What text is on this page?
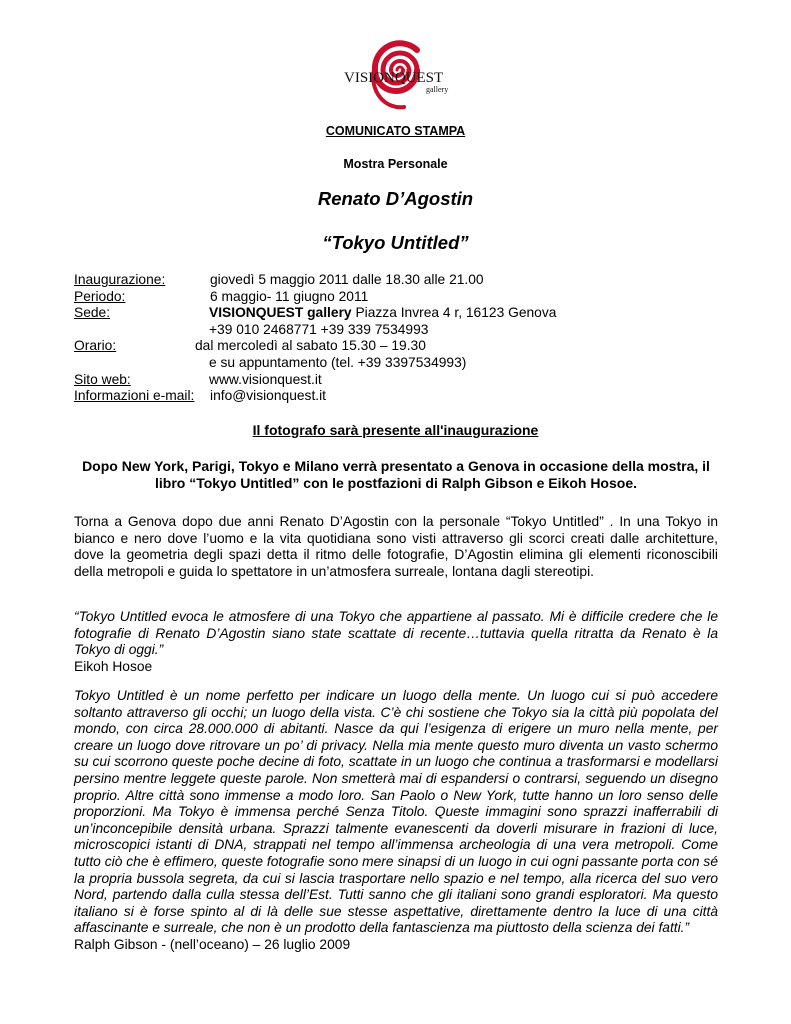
VISIONQUEST
gallery
COMUNICATO STAMPA
Mostra Personale
Renato D’Agostin
“Tokyo Untitled”
Inaugurazione:	giovedì 5 maggio 2011 dalle 18.30 alle 21.00
Periodo:	6 maggio- 11 giugno 2011
Sede:	VISIONQUEST gallery Piazza Invrea 4 r, 16123 Genova
+39 010 2468771 +39 339 7534993
Orario:	dal mercoledì al sabato 15.30 – 19.30
e su appuntamento (tel. +39 3397534993)
Sito web:	www.visionquest.it
Informazioni e-mail: info@visionquest.it
Il fotografo sarà presente all'inaugurazione
Dopo New York, Parigi, Tokyo e Milano verrà presentato a Genova in occasione della mostra, il libro “Tokyo Untitled” con le postfazioni di Ralph Gibson e Eikoh Hosoe.
Torna a Genova dopo due anni Renato D’Agostin con la personale “Tokyo Untitled” . In una Tokyo in bianco e nero dove l’uomo e la vita quotidiana sono visti attraverso gli scorci creati dalle architetture, dove la geometria degli spazi detta il ritmo delle fotografie, D’Agostin elimina gli elementi riconoscibili della metropoli e guida lo spettatore in un’atmosfera surreale, lontana dagli stereotipi.
“Tokyo Untitled evoca le atmosfere di una Tokyo che appartiene al passato. Mi è difficile credere che le fotografie di Renato D’Agostin siano state scattate di recente…tuttavia quella ritratta da Renato è la Tokyo di oggi.”
Eikoh Hosoe
Tokyo Untitled è un nome perfetto per indicare un luogo della mente. Un luogo cui si può accedere soltanto attraverso gli occhi; un luogo della vista. C’è chi sostiene che Tokyo sia la città più popolata del mondo, con circa 28.000.000 di abitanti. Nasce da qui l’esigenza di erigere un muro nella mente, per creare un luogo dove ritrovare un po’ di privacy. Nella mia mente questo muro diventa un vasto schermo su cui scorrono queste poche decine di foto, scattate in un luogo che continua a trasformarsi e modellarsi persino mentre leggete queste parole. Non smetterà mai di espandersi o contrarsi, seguendo un disegno proprio. Altre città sono immense a modo loro. San Paolo o New York, tutte hanno un loro senso delle proporzioni. Ma Tokyo è immensa perché Senza Titolo. Queste immagini sono sprazzi inafferrabili di un’inconcepibile densità urbana. Sprazzi talmente evanescenti da doverli misurare in frazioni di luce, microscopici istanti di DNA, strappati nel tempo all’immensa archeologia di una vera metropoli. Come tutto ciò che è effimero, queste fotografie sono mere sinapsi di un luogo in cui ogni passante porta con sé la propria bussola segreta, da cui si lascia trasportare nello spazio e nel tempo, alla ricerca del suo vero Nord, partendo dalla culla stessa dell’Est. Tutti sanno che gli italiani sono grandi esploratori. Ma questo italiano si è forse spinto al di là delle sue stesse aspettative, direttamente dentro la luce di una città affascinante e surreale, che non è un prodotto della fantascienza ma piuttosto della scienza dei fatti.”
Ralph Gibson - (nell’oceano) – 26 luglio 2009
